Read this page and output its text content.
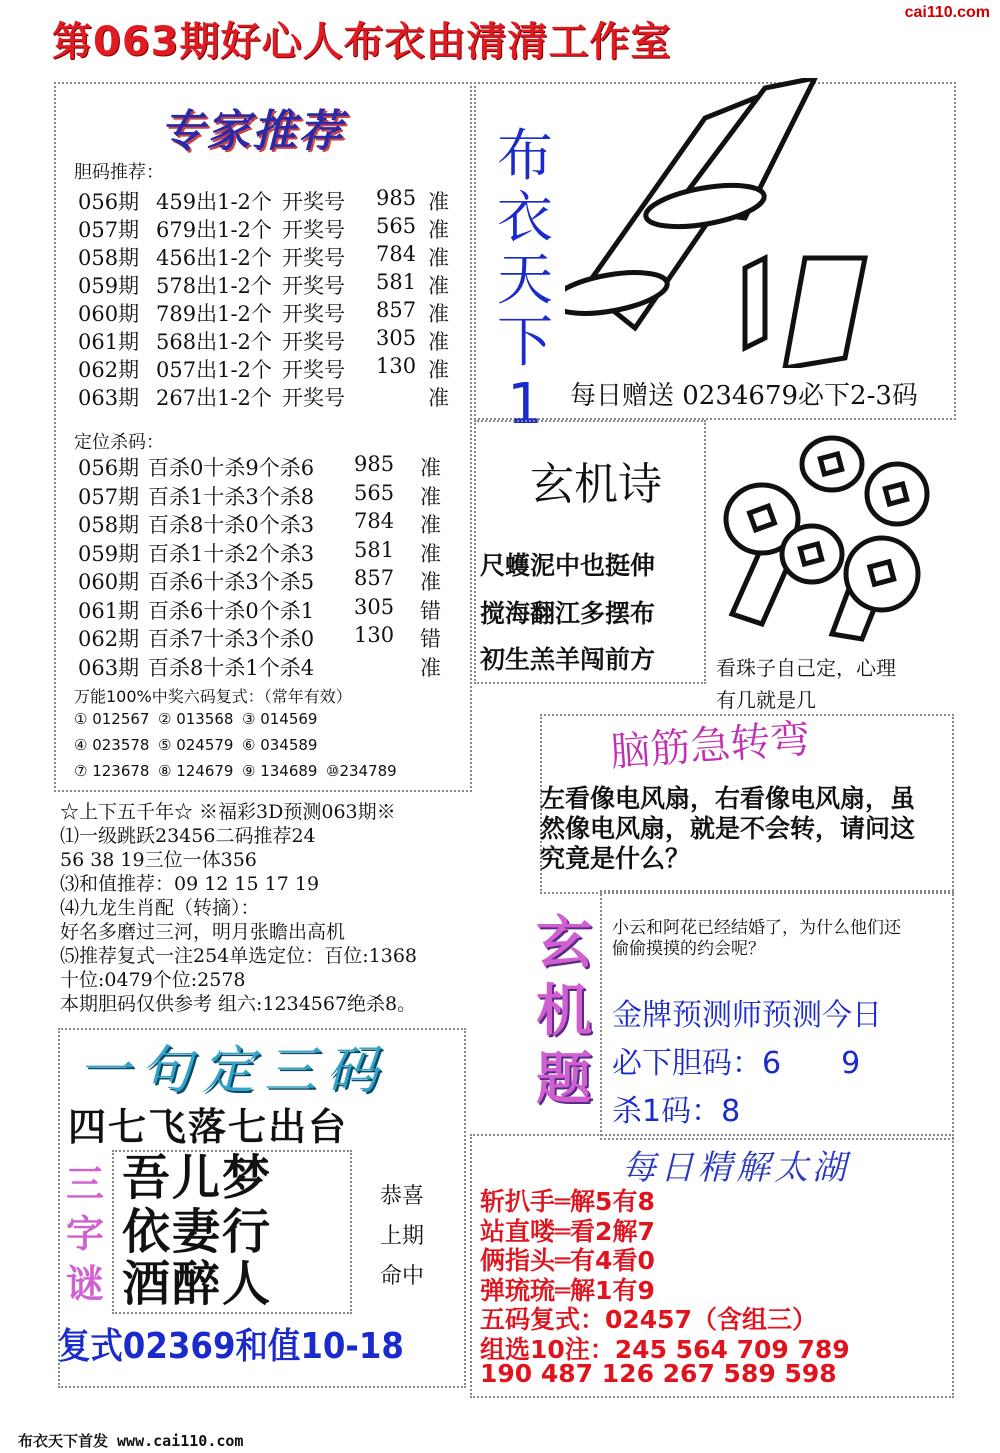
第063期好心人布衣由清清工作室
cai110.com
专家推荐
胆码推荐：
056期 459出1-2个 开奖号 985 准
057期 679出1-2个 开奖号 565 准
058期 456出1-2个 开奖号 784 准
059期 578出1-2个 开奖号 581 准
060期 789出1-2个 开奖号 857 准
061期 568出1-2个 开奖号 305 准
062期 057出1-2个 开奖号 130 准
063期 267出1-2个 开奖号	准
定位杀码：
056期 百杀0十杀9个杀6 985 准
057期 百杀1十杀3个杀8 565 准
058期 百杀8十杀0个杀3 784 准
059期 百杀1十杀2个杀3 581 准
060期 百杀6十杀3个杀5 857 准
061期 百杀6十杀0个杀1 305 错
062期 百杀7十杀3个杀0 130 错
063期 百杀8十杀1个杀4	准
万能100%中奖六码复式：（常年有效）
① 012567 ② 013568 ③ 014569
④ 023578 ⑤ 024579 ⑥ 034589
⑦ 123678 ⑧ 124679 ⑨ 134689 ⑩234789
布
衣
天
下
1	每日赠送 0234679必下2-3码
玄机诗
尺蠖泥中也挺伸
搅海翻江多摆布
初生羔羊闯前方	看珠子自己定，心理
有几就是几
脑筋急转弯
左看像电风扇，右看像电风扇，虽然像电风扇，就是不会转，请问这究竟是什么？
玄
机
题
小云和阿花已经结婚了，为什么他们还偷偷摸摸的约会呢？
金牌预测师预测今日
必下胆码：6　　9
杀1码：8
每日精解太湖
斩扒手═解5有8
站直喽═看2解7
俩指头═有4看0
弹琉琉═解1有9
五码复式：02457（含组三）
组选10注：245 564 709 789
190 487 126 267 589 598
☆上下五千年☆ ※福彩3D预测063期※
⑴一级跳跃23456二码推荐24
56 38 19三位一体356
⑶和值推荐：09 12 15 17 19
⑷九龙生肖配（转摘）：
好名多磨过三河，明月张瞻出高机
⑸推荐复式一注254单选定位：百位:1368
十位:0479个位:2578
本期胆码仅供参考 组六:1234567绝杀8。
一句定三码
四七飞落七出台
三
字
谜
吾儿梦
依妻行
酒醉人
恭喜
上期
命中
复式02369和值10-18
布衣天下首发 www.cai110.com
